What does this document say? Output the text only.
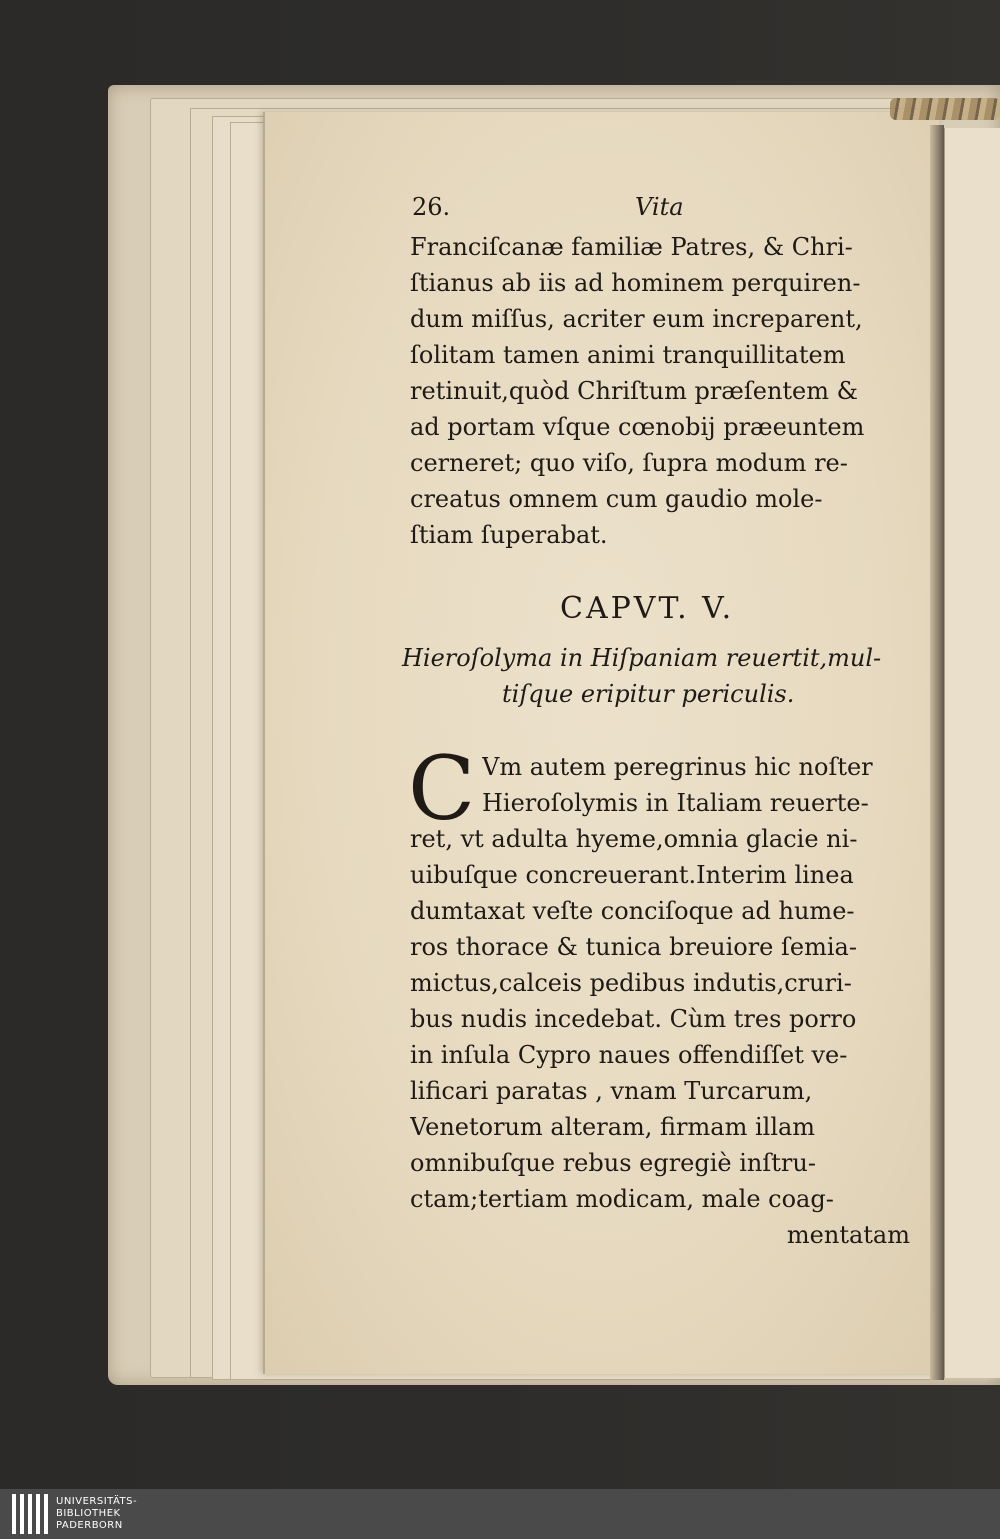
26.	Vita
Franciſcanæ familiæ Patres, & Chri-
ſtianus ab iis ad hominem perquiren-
dum miſſus, acriter eum increparent,
ſolitam tamen animi tranquillitatem
retinuit,quòd Chriſtum præſentem &
ad portam vſque cœnobij præeuntem
cerneret; quo viſo, ſupra modum re-
creatus omnem cum gaudio mole-
ſtiam ſuperabat.
CAPVT. V.
Hieroſolyma in Hiſpaniam reuertit,mul-
tiſque eripitur periculis.
C Vm autem peregrinus hic noſter
Hieroſolymis in Italiam reuerte-
ret, vt adulta hyeme,omnia glacie ni-
uibuſque concreuerant.Interim linea
dumtaxat veſte conciſoque ad hume-
ros thorace & tunica breuiore ſemia-
mictus,calceis pedibus indutis,cruri-
bus nudis incedebat. Cùm tres porro
in inſula Cypro naues offendiſſet ve-
lificari paratas , vnam Turcarum,
Venetorum alteram, firmam illam
omnibuſque rebus egregiè inſtru-
ctam;tertiam modicam, male coag-
mentatam
UNIVERSITÄTS-
BIBLIOTHEK
PADERBORN
